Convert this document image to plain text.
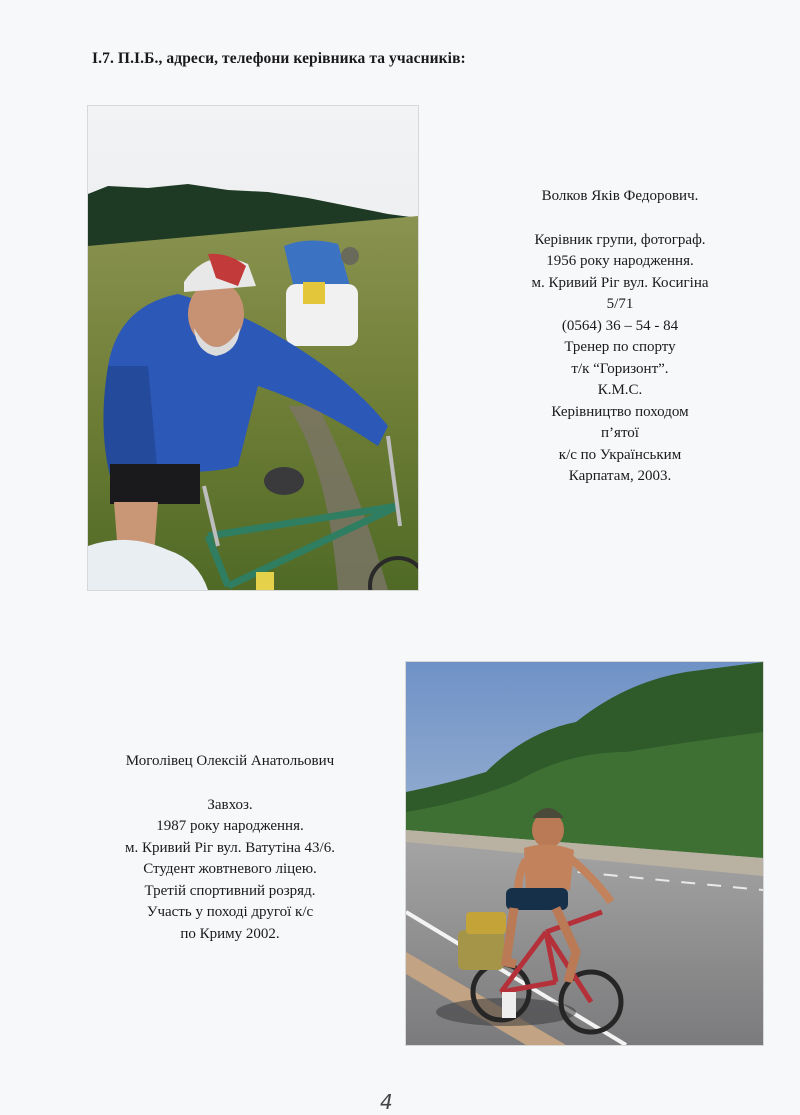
І.7. П.І.Б., адреси, телефони керівника та учасників:

Волков Яків Федорович.

Керівник групи, фотограф.

1956 року народження.

м. Кривий Ріг вул. Косигіна

5/71

(0564) 36 – 54 - 84

Тренер по спорту

т/к “Горизонт”.

К.М.С.

Керівництво походом

п’ятої

к/с по Українським

Карпатам, 2003.

Моголівец Олексій Анатольович

Завхоз.

1987 року народження.

м. Кривий Ріг вул. Ватутіна 43/6.

Студент жовтневого ліцею.

Третій спортивний розряд.

Участь у поході другої к/с

по Криму 2002.

4
